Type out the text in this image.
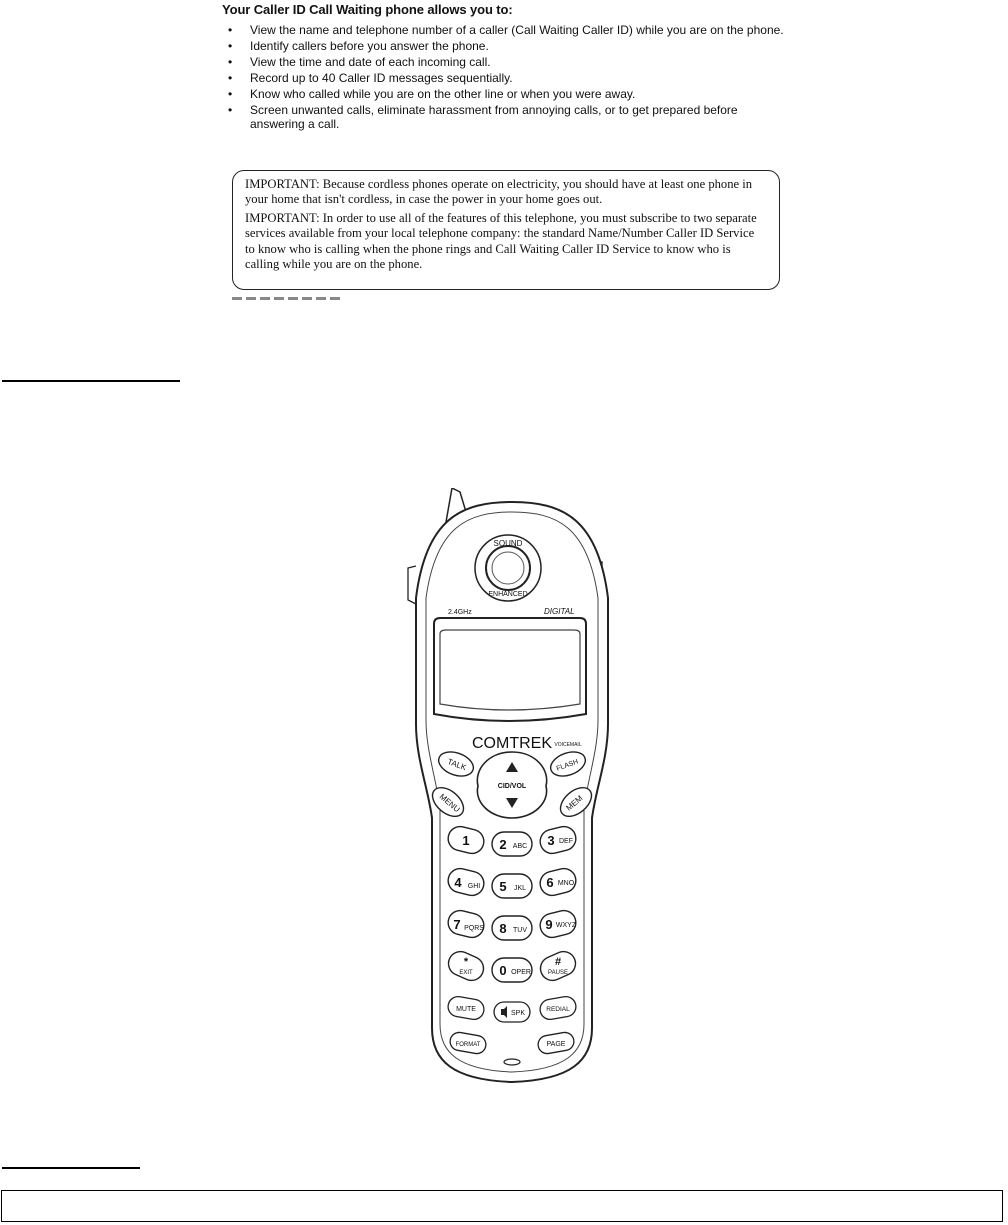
Your Caller ID Call Waiting phone allows you to:
• View the name and telephone number of a caller (Call Waiting Caller ID) while you are on the phone.
• Identify callers before you answer the phone.
• View the time and date of each incoming call.
• Record up to 40 Caller ID messages sequentially.
• Know who called while you are on the other line or when you were away.
• Screen unwanted calls, eliminate harassment from annoying calls, or to get prepared before answering a call.

IMPORTANT: Because cordless phones operate on electricity, you should have at least one phone in your home that isn't cordless, in case the power in your home goes out.

IMPORTANT: In order to use all of the features of this telephone, you must subscribe to two separate services available from your local telephone company: the standard Name/Number Caller ID Service to know who is calling when the phone rings and Call Waiting Caller ID Service to know who is calling while you are on the phone.

SOUND
ENHANCED
2.4GHz	DIGITAL
COMTREK
TALK	FLASH
VOICEMAIL
CID/VOL
MENU	MEM
1 2 ABC 3 DEF
4 GHI 5 JKL 6 MNO
7 PQRS 8 TUV 9 WXYZ
*
EXIT 0 OPER
#
PAUSE
MUTE
SPK
REDIAL
FORMAT	PAGE
